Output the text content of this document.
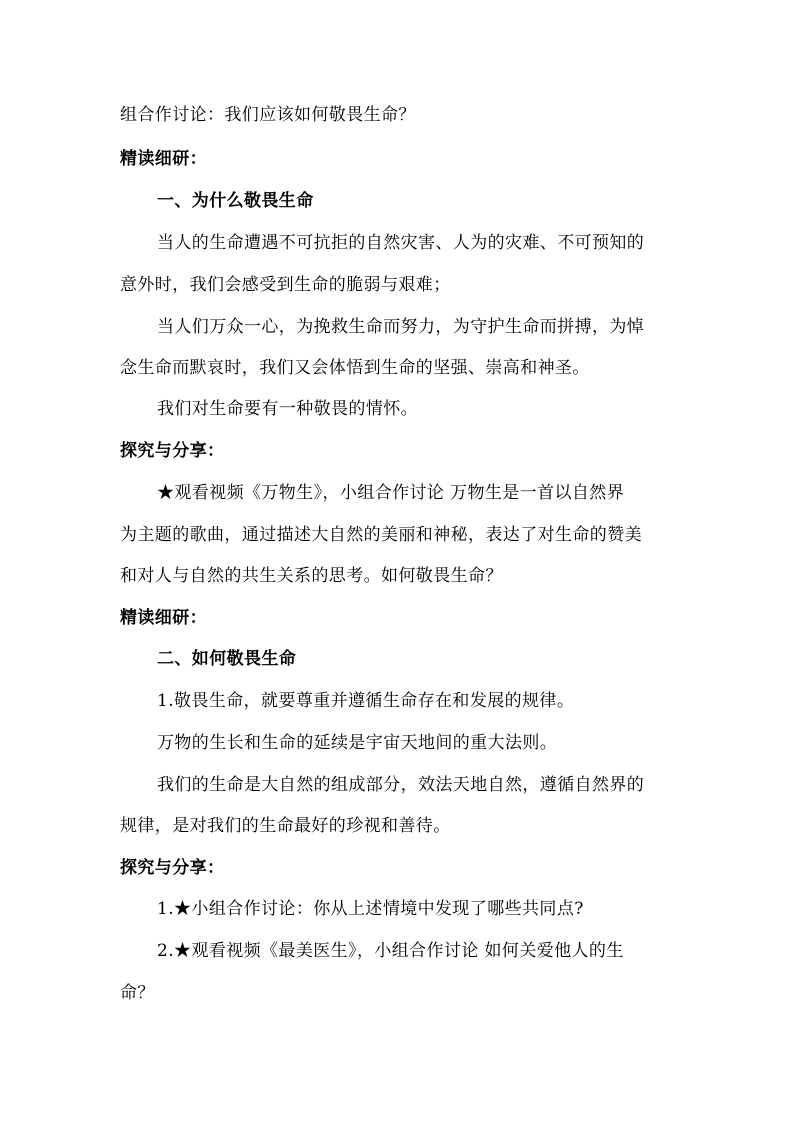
组合作讨论：我们应该如何敬畏生命？
精读细研：
一、为什么敬畏生命
当人的生命遭遇不可抗拒的自然灾害、人为的灾难、不可预知的
意外时，我们会感受到生命的脆弱与艰难；
当人们万众一心，为挽救生命而努力，为守护生命而拼搏，为悼
念生命而默哀时，我们又会体悟到生命的坚强、崇高和神圣。
我们对生命要有一种敬畏的情怀。
探究与分享：
★观看视频《万物生》，小组合作讨论 万物生是一首以自然界
为主题的歌曲，通过描述大自然的美丽和神秘，表达了对生命的赞美
和对人与自然的共生关系的思考。如何敬畏生命？
精读细研：
二、如何敬畏生命
1.敬畏生命，就要尊重并遵循生命存在和发展的规律。
万物的生长和生命的延续是宇宙天地间的重大法则。
我们的生命是大自然的组成部分，效法天地自然，遵循自然界的
规律，是对我们的生命最好的珍视和善待。
探究与分享：
1.★小组合作讨论：你从上述情境中发现了哪些共同点?
2.★观看视频《最美医生》，小组合作讨论 如何关爱他人的生
命？
